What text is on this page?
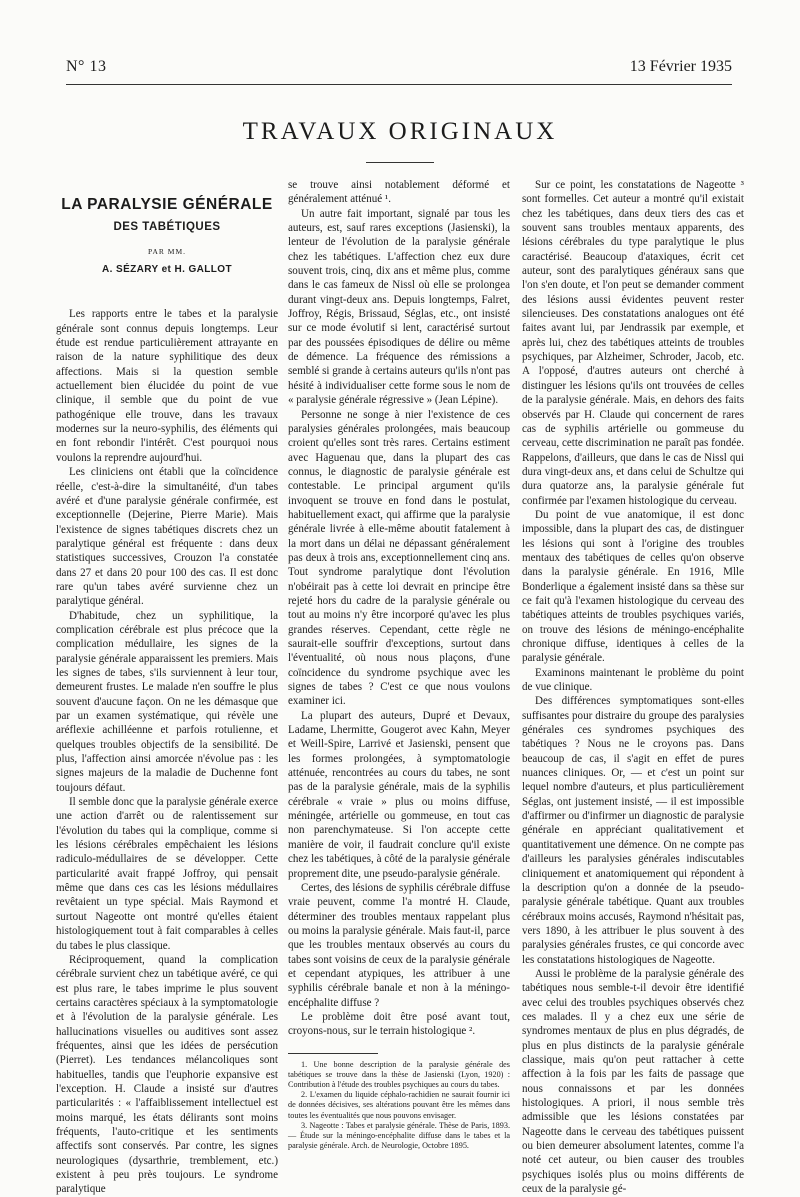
N° 13	13 Février 1935
TRAVAUX ORIGINAUX
LA PARALYSIE GÉNÉRALE
DES TABÉTIQUES
PAR MM.
A. SÉZARY et H. GALLOT

Les rapports entre le tabes et la paralysie générale sont connus depuis longtemps. Leur étude est rendue particulièrement attrayante en raison de la nature syphilitique des deux affections. Mais si la question semble actuellement bien élucidée du point de vue clinique, il semble que du point de vue pathogénique elle trouve, dans les travaux modernes sur la neuro-syphilis, des éléments qui en font rebondir l'intérêt. C'est pourquoi nous voulons la reprendre aujourd'hui.

Les cliniciens ont établi que la coïncidence réelle, c'est-à-dire la simultanéité, d'un tabes avéré et d'une paralysie générale confirmée, est exceptionnelle (Dejerine, Pierre Marie). Mais l'existence de signes tabétiques discrets chez un paralytique général est fréquente : dans deux statistiques successives, Crouzon l'a constatée dans 27 et dans 20 pour 100 des cas. Il est donc rare qu'un tabes avéré survienne chez un paralytique général.

D'habitude, chez un syphilitique, la complication cérébrale est plus précoce que la complication médullaire, les signes de la paralysie générale apparaissent les premiers. Mais les signes de tabes, s'ils surviennent à leur tour, demeurent frustes. Le malade n'en souffre le plus souvent d'aucune façon. On ne les démasque que par un examen systématique, qui révèle une aréflexie achilléenne et parfois rotulienne, et quelques troubles objectifs de la sensibilité. De plus, l'affection ainsi amorcée n'évolue pas : les signes majeurs de la maladie de Duchenne font toujours défaut.

Il semble donc que la paralysie générale exerce une action d'arrêt ou de ralentissement sur l'évolution du tabes qui la complique, comme si les lésions cérébrales empêchaient les lésions radiculo-médullaires de se développer. Cette particularité avait frappé Joffroy, qui pensait même que dans ces cas les lésions médullaires revêtaient un type spécial. Mais Raymond et surtout Nageotte ont montré qu'elles étaient histologiquement tout à fait comparables à celles du tabes le plus classique.

Réciproquement, quand la complication cérébrale survient chez un tabétique avéré, ce qui est plus rare, le tabes imprime le plus souvent certains caractères spéciaux à la symptomatologie et à l'évolution de la paralysie générale. Les hallucinations visuelles ou auditives sont assez fréquentes, ainsi que les idées de persécution (Pierret). Les tendances mélancoliques sont habituelles, tandis que l'euphorie expansive est l'exception. H. Claude a insisté sur d'autres particularités : « l'affaiblissement intellectuel est moins marqué, les états délirants sont moins fréquents, l'auto-critique et les sentiments affectifs sont conservés. Par contre, les signes neurologiques (dysarthrie, tremblement, etc.) existent à peu près toujours. Le syndrome paralytique

se trouve ainsi notablement déformé et généralement atténué ¹.

Un autre fait important, signalé par tous les auteurs, est, sauf rares exceptions (Jasienski), la lenteur de l'évolution de la paralysie générale chez les tabétiques. L'affection chez eux dure souvent trois, cinq, dix ans et même plus, comme dans le cas fameux de Nissl où elle se prolongea durant vingt-deux ans. Depuis longtemps, Falret, Joffroy, Régis, Brissaud, Séglas, etc., ont insisté sur ce mode évolutif si lent, caractérisé surtout par des poussées épisodiques de délire ou même de démence. La fréquence des rémissions a semblé si grande à certains auteurs qu'ils n'ont pas hésité à individualiser cette forme sous le nom de « paralysie générale régressive » (Jean Lépine).

Personne ne songe à nier l'existence de ces paralysies générales prolongées, mais beaucoup croient qu'elles sont très rares. Certains estiment avec Haguenau que, dans la plupart des cas connus, le diagnostic de paralysie générale est contestable. Le principal argument qu'ils invoquent se trouve en fond dans le postulat, habituellement exact, qui affirme que la paralysie générale livrée à elle-même aboutit fatalement à la mort dans un délai ne dépassant généralement pas deux à trois ans, exceptionnellement cinq ans. Tout syndrome paralytique dont l'évolution n'obéirait pas à cette loi devrait en principe être rejeté hors du cadre de la paralysie générale ou tout au moins n'y être incorporé qu'avec les plus grandes réserves. Cependant, cette règle ne saurait-elle souffrir d'exceptions, surtout dans l'éventualité, où nous nous plaçons, d'une coïncidence du syndrome psychique avec les signes de tabes ? C'est ce que nous voulons examiner ici.

La plupart des auteurs, Dupré et Devaux, Ladame, Lhermitte, Gougerot avec Kahn, Meyer et Weill-Spire, Larrivé et Jasienski, pensent que les formes prolongées, à symptomatologie atténuée, rencontrées au cours du tabes, ne sont pas de la paralysie générale, mais de la syphilis cérébrale « vraie » plus ou moins diffuse, méningée, artérielle ou gommeuse, en tout cas non parenchymateuse. Si l'on accepte cette manière de voir, il faudrait conclure qu'il existe chez les tabétiques, à côté de la paralysie générale proprement dite, une pseudo-paralysie générale.

Certes, des lésions de syphilis cérébrale diffuse vraie peuvent, comme l'a montré H. Claude, déterminer des troubles mentaux rappelant plus ou moins la paralysie générale. Mais faut-il, parce que les troubles mentaux observés au cours du tabes sont voisins de ceux de la paralysie générale et cependant atypiques, les attribuer à une syphilis cérébrale banale et non à la méningo-encéphalite diffuse ?

Le problème doit être posé avant tout, croyons-nous, sur le terrain histologique ².

1. Une bonne description de la paralysie générale des tabétiques se trouve dans la thèse de Jasienski (Lyon, 1920) : Contribution à l'étude des troubles psychiques au cours du tabes.

2. L'examen du liquide céphalo-rachidien ne saurait fournir ici de données décisives, ses altérations pouvant être les mêmes dans toutes les éventualités que nous pouvons envisager.

3. Nageotte : Tabes et paralysie générale. Thèse de Paris, 1893. — Étude sur la méningo-encéphalite diffuse dans le tabes et la paralysie générale. Arch. de Neurologie, Octobre 1895.

Sur ce point, les constatations de Nageotte ³ sont formelles. Cet auteur a montré qu'il existait chez les tabétiques, dans deux tiers des cas et souvent sans troubles mentaux apparents, des lésions cérébrales du type paralytique le plus caractérisé. Beaucoup d'ataxiques, écrit cet auteur, sont des paralytiques généraux sans que l'on s'en doute, et l'on peut se demander comment des lésions aussi évidentes peuvent rester silencieuses. Des constatations analogues ont été faites avant lui, par Jendrassik par exemple, et après lui, chez des tabétiques atteints de troubles psychiques, par Alzheimer, Schroder, Jacob, etc. A l'opposé, d'autres auteurs ont cherché à distinguer les lésions qu'ils ont trouvées de celles de la paralysie générale. Mais, en dehors des faits observés par H. Claude qui concernent de rares cas de syphilis artérielle ou gommeuse du cerveau, cette discrimination ne paraît pas fondée. Rappelons, d'ailleurs, que dans le cas de Nissl qui dura vingt-deux ans, et dans celui de Schultze qui dura quatorze ans, la paralysie générale fut confirmée par l'examen histologique du cerveau.

Du point de vue anatomique, il est donc impossible, dans la plupart des cas, de distinguer les lésions qui sont à l'origine des troubles mentaux des tabétiques de celles qu'on observe dans la paralysie générale. En 1916, Mlle Bonderlique a également insisté dans sa thèse sur ce fait qu'à l'examen histologique du cerveau des tabétiques atteints de troubles psychiques variés, on trouve des lésions de méningo-encéphalite chronique diffuse, identiques à celles de la paralysie générale.

Examinons maintenant le problème du point de vue clinique.

Des différences symptomatiques sont-elles suffisantes pour distraire du groupe des paralysies générales ces syndromes psychiques des tabétiques ? Nous ne le croyons pas. Dans beaucoup de cas, il s'agit en effet de pures nuances cliniques. Or, — et c'est un point sur lequel nombre d'auteurs, et plus particulièrement Séglas, ont justement insisté, — il est impossible d'affirmer ou d'infirmer un diagnostic de paralysie générale en appréciant qualitativement et quantitativement une démence. On ne compte pas d'ailleurs les paralysies générales indiscutables cliniquement et anatomiquement qui répondent à la description qu'on a donnée de la pseudo-paralysie générale tabétique. Quant aux troubles cérébraux moins accusés, Raymond n'hésitait pas, vers 1890, à les attribuer le plus souvent à des paralysies générales frustes, ce qui concorde avec les constatations histologiques de Nageotte.

Aussi le problème de la paralysie générale des tabétiques nous semble-t-il devoir être identifié avec celui des troubles psychiques observés chez ces malades. Il y a chez eux une série de syndromes mentaux de plus en plus dégradés, de plus en plus distincts de la paralysie générale classique, mais qu'on peut rattacher à cette affection à la fois par les faits de passage que nous connaissons et par les données histologiques. A priori, il nous semble très admissible que les lésions constatées par Nageotte dans le cerveau des tabétiques puissent ou bien demeurer absolument latentes, comme l'a noté cet auteur, ou bien causer des troubles psychiques isolés plus ou moins différents de ceux de la paralysie gé-
